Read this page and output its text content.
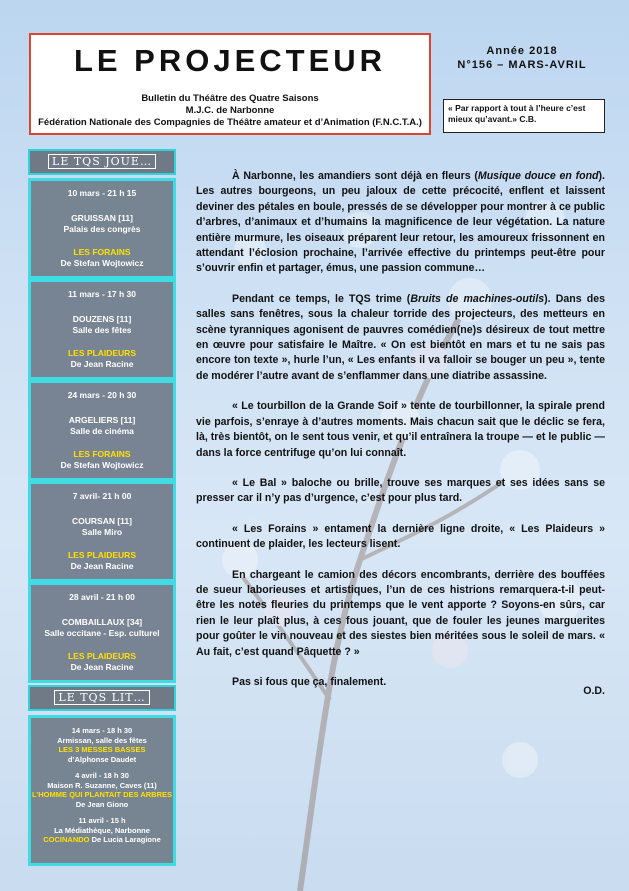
LE PROJECTEUR
Bulletin du Théâtre des Quatre Saisons
M.J.C. de Narbonne
Fédération Nationale des Compagnies de Théâtre amateur et d’Animation (F.N.C.T.A.)
Année 2018
N°156 – MARS-AVRIL
« Par rapport à tout à l’heure c’est mieux qu’avant.» C.B.
LE TQS JOUE…
10 mars - 21 h 15
GRUISSAN [11]
Palais des congrès
LES FORAINS
De Stefan Wojtowicz
11 mars - 17 h 30
DOUZENS [11]
Salle des fêtes
LES PLAIDEURS
De Jean Racine
24 mars - 20 h 30
ARGELIERS [11]
Salle de cinéma
LES FORAINS
De Stefan Wojtowicz
7 avril- 21 h 00
COURSAN [11]
Salle Miro
LES PLAIDEURS
De Jean Racine
28 avril - 21 h 00
COMBAILLAUX [34]
Salle occitane - Esp. culturel
LES PLAIDEURS
De Jean Racine
LE TQS LIT…
14 mars - 18 h 30
Armissan, salle des fêtes
LES 3 MESSES BASSES
d’Alphonse Daudet
4 avril - 18 h 30
Maison R. Suzanne, Caves (11)
L’HOMME QUI PLANTAIT DES ARBRES
De Jean Giono
11 avril - 15 h
La Médiathèque, Narbonne
COCINANDO De Lucia Laragione

À Narbonne, les amandiers sont déjà en fleurs (Musique douce en fond). Les autres bourgeons, un peu jaloux de cette précocité, enflent et laissent deviner des pétales en boule, pressés de se développer pour montrer à ce public d’arbres, d’animaux et d’humains la magnificence de leur végétation. La nature entière murmure, les oiseaux préparent leur retour, les amoureux frissonnent en attendant l’éclosion prochaine, l’arrivée effective du printemps peut-être pour s’ouvrir enfin et partager, émus, une passion commune…

Pendant ce temps, le TQS trime (Bruits de machines-outils). Dans des salles sans fenêtres, sous la chaleur torride des projecteurs, des metteurs en scène tyranniques agonisent de pauvres comédien(ne)s désireux de tout mettre en œuvre pour satisfaire le Maître. « On est bientôt en mars et tu ne sais pas encore ton texte », hurle l’un, « Les enfants il va falloir se bouger un peu », tente de modérer l’autre avant de s’enflammer dans une diatribe assassine.

« Le tourbillon de la Grande Soif » tente de tourbillonner, la spirale prend vie parfois, s’enraye à d’autres moments. Mais chacun sait que le déclic se fera, là, très bientôt, on le sent tous venir, et qu’il entraînera la troupe — et le public — dans la force centrifuge qu’on lui connaît.

« Le Bal » baloche ou brille, trouve ses marques et ses idées sans se presser car il n’y pas d’urgence, c’est pour plus tard.

« Les Forains » entament la dernière ligne droite, « Les Plaideurs » continuent de plaider, les lecteurs lisent.

En chargeant le camion des décors encombrants, derrière des bouffées de sueur laborieuses et artistiques, l’un de ces histrions remarquera-t-il peut-être les notes fleuries du printemps que le vent apporte ? Soyons-en sûrs, car rien le leur plaît plus, à ces fous jouant, que de fouler les jeunes marguerites pour goûter le vin nouveau et des siestes bien méritées sous le soleil de mars. « Au fait, c’est quand Pâquette ? »

Pas si fous que ça, finalement.

O.D.
